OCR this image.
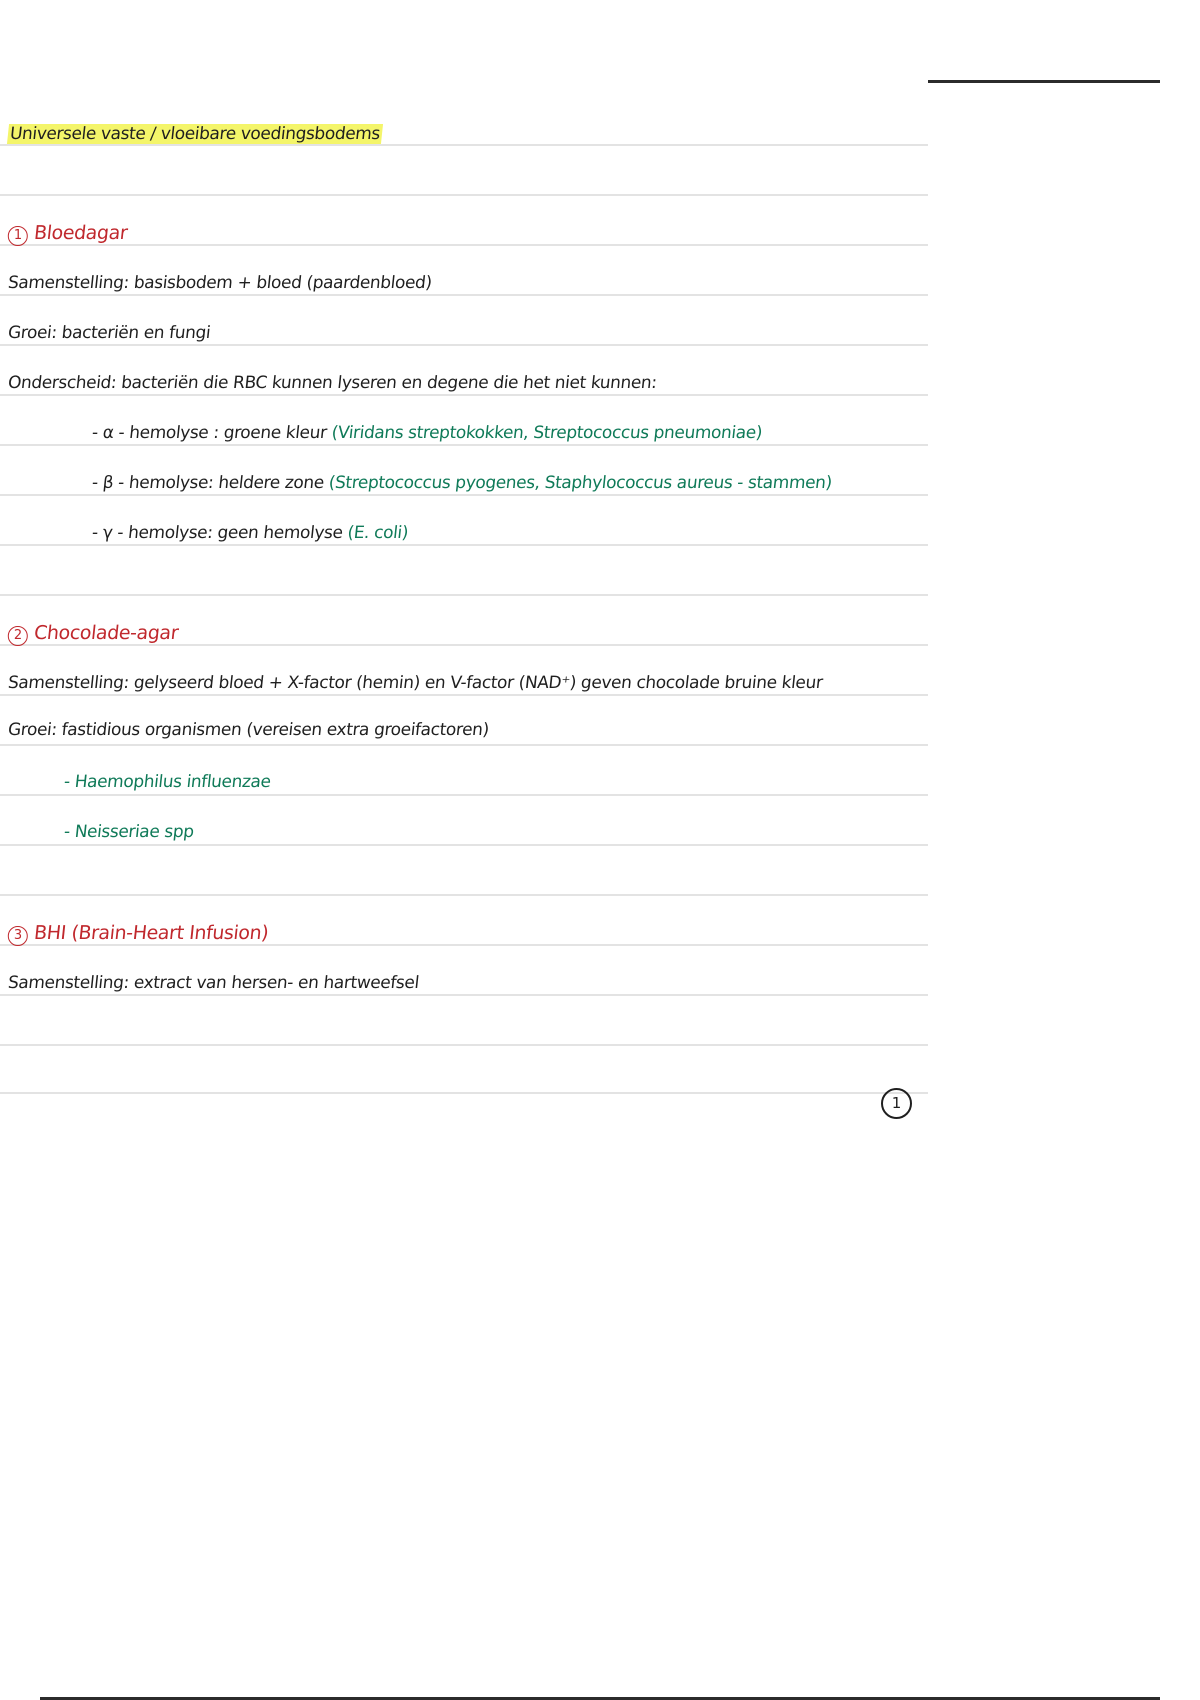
Universele vaste / vloeibare voedingsbodems
1 Bloedagar
Samenstelling: basisbodem + bloed (paardenbloed)
Groei: bacteriën en fungi
Onderscheid: bacteriën die RBC kunnen lyseren en degene die het niet kunnen:
- α - hemolyse : groene kleur (Viridans streptokokken, Streptococcus pneumoniae)
- β - hemolyse: heldere zone (Streptococcus pyogenes, Staphylococcus aureus - stammen)
- γ - hemolyse: geen hemolyse (E. coli)
2 Chocolade-agar
Samenstelling: gelyseerd bloed + X-factor (hemin) en V-factor (NAD⁺) geven chocolade bruine kleur
Groei: fastidious organismen (vereisen extra groeifactoren)
- Haemophilus influenzae
- Neisseriae spp
3 BHI (Brain-Heart Infusion)
Samenstelling: extract van hersen- en hartweefsel
1
